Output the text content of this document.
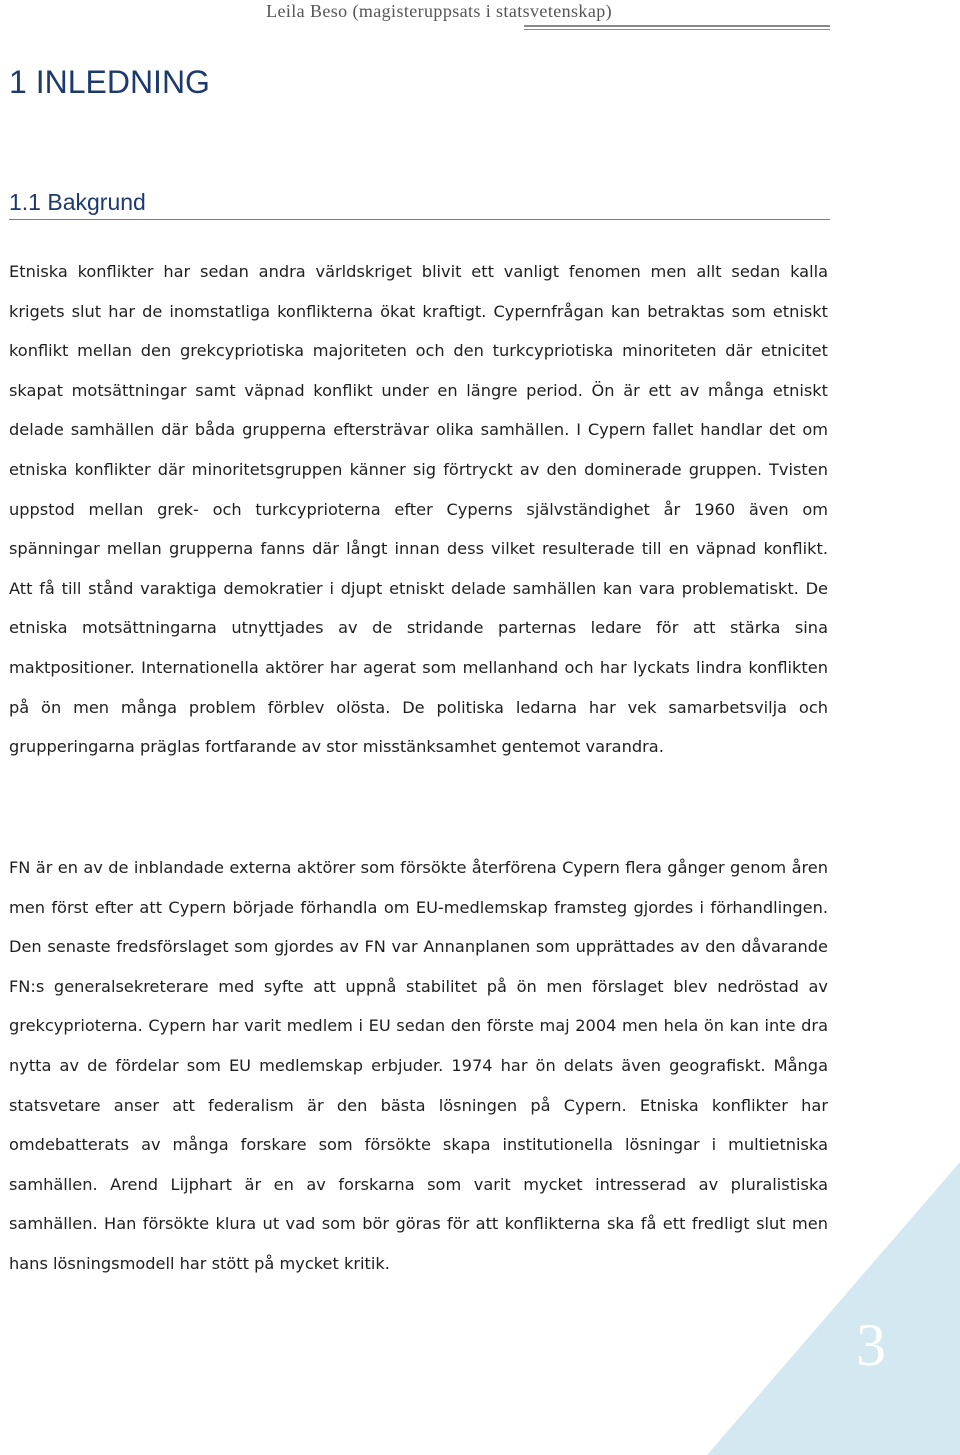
Leila Beso (magisteruppsats i statsvetenskap)
1 INLEDNING
1.1 Bakgrund

Etniska konflikter har sedan andra världskriget blivit ett vanligt fenomen men allt sedan kalla krigets slut har de inomstatliga konflikterna ökat kraftigt. Cypernfrågan kan betraktas som etniskt konflikt mellan den grekcypriotiska majoriteten och den turkcypriotiska minoriteten där etnicitet skapat motsättningar samt väpnad konflikt under en längre period. Ön är ett av många etniskt delade samhällen där båda grupperna eftersträvar olika samhällen. I Cypern fallet handlar det om etniska konflikter där minoritetsgruppen känner sig förtryckt av den dominerade gruppen. Tvisten uppstod mellan grek- och turkcyprioterna efter Cyperns självständighet år 1960 även om spänningar mellan grupperna fanns där långt innan dess vilket resulterade till en väpnad konflikt. Att få till stånd varaktiga demokratier i djupt etniskt delade samhällen kan vara problematiskt. De etniska motsättningarna utnyttjades av de stridande parternas ledare för att stärka sina maktpositioner. Internationella aktörer har agerat som mellanhand och har lyckats lindra konflikten på ön men många problem förblev olösta. De politiska ledarna har vek samarbetsvilja och grupperingarna präglas fortfarande av stor misstänksamhet gentemot varandra.

FN är en av de inblandade externa aktörer som försökte återförena Cypern flera gånger genom åren men först efter att Cypern började förhandla om EU-medlemskap framsteg gjordes i förhandlingen. Den senaste fredsförslaget som gjordes av FN var Annanplanen som upprättades av den dåvarande FN:s generalsekreterare med syfte att uppnå stabilitet på ön men förslaget blev nedröstad av grekcyprioterna. Cypern har varit medlem i EU sedan den förste maj 2004 men hela ön kan inte dra nytta av de fördelar som EU medlemskap erbjuder. 1974 har ön delats även geografiskt. Många statsvetare anser att federalism är den bästa lösningen på Cypern. Etniska konflikter har omdebatterats av många forskare som försökte skapa institutionella lösningar i multietniska samhällen. Arend Lijphart är en av forskarna som varit mycket intresserad av pluralistiska samhällen. Han försökte klura ut vad som bör göras för att konflikterna ska få ett fredligt slut men hans lösningsmodell har stött på mycket kritik.

3
